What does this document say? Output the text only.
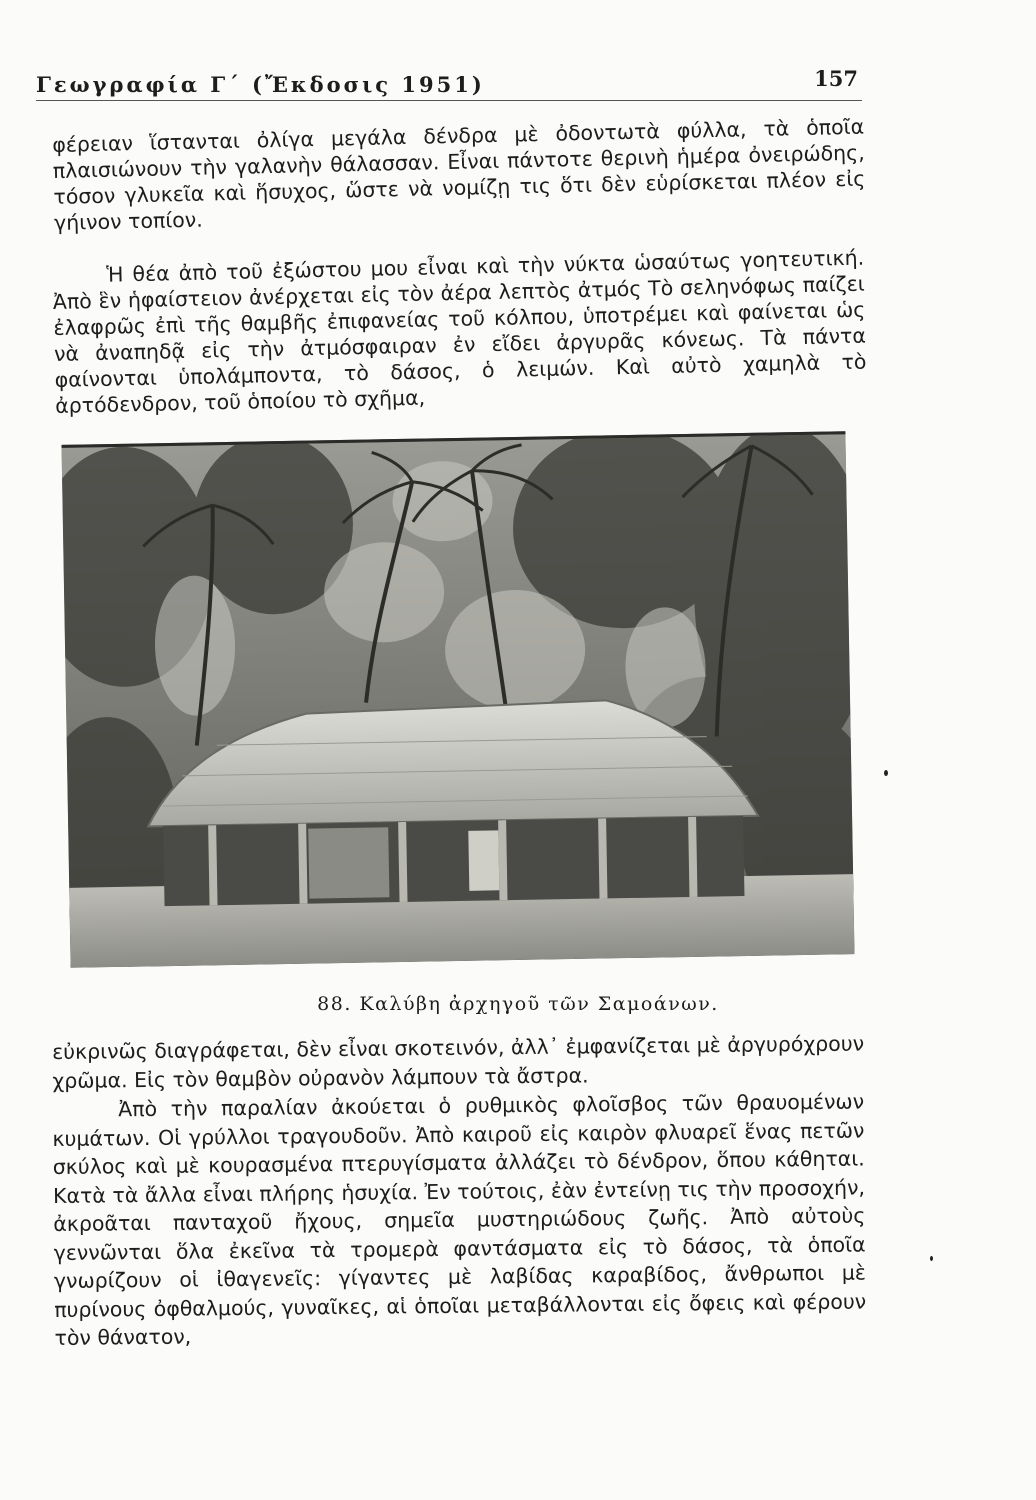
Γεωγραφία Γ΄ (Ἔκδοσις 1951)	157
φέρειαν ἵστανται ὀλίγα μεγάλα δένδρα μὲ ὀδοντωτὰ φύλλα, τὰ ὁποῖα πλαισιώνουν τὴν γαλανὴν θάλασσαν. Εἶναι πάντοτε θερινὴ ἡμέρα ὀνειρώδης, τόσον γλυκεῖα καὶ ἥσυχος, ὥστε νὰ νομίζῃ τις ὅτι δὲν εὑρίσκεται πλέον εἰς γήινον τοπίον.
Ἡ θέα ἀπὸ τοῦ ἐξώστου μου εἶναι καὶ τὴν νύκτα ὡσαύτως γοητευτική. Ἀπὸ ἓν ἡφαίστειον ἀνέρχεται εἰς τὸν ἀέρα λεπτὸς ἀτμός Τὸ σεληνόφως παίζει ἐλαφρῶς ἐπὶ τῆς θαμβῆς ἐπιφανείας τοῦ κόλπου, ὑποτρέμει καὶ φαίνεται ὡς νὰ ἀναπηδᾷ εἰς τὴν ἀτμόσφαιραν ἐν εἴδει ἀργυρᾶς κόνεως. Τὰ πάντα φαίνονται ὑπολάμποντα, τὸ δάσος, ὁ λειμών. Καὶ αὐτὸ χαμηλὰ τὸ ἀρτόδενδρον, τοῦ ὁποίου τὸ σχῆμα,
88. Καλύβη ἀρχηγοῦ τῶν Σαμοάνων.
εὐκρινῶς διαγράφεται, δὲν εἶναι σκοτεινόν, ἀλλ᾽ ἐμφανίζεται μὲ ἀργυρόχρουν χρῶμα. Εἰς τὸν θαμβὸν οὐρανὸν λάμπουν τὰ ἄστρα.
Ἀπὸ τὴν παραλίαν ἀκούεται ὁ ρυθμικὸς φλοῖσβος τῶν θραυομένων κυμάτων. Οἱ γρύλλοι τραγουδοῦν. Ἀπὸ καιροῦ εἰς καιρὸν φλυαρεῖ ἕνας πετῶν σκύλος καὶ μὲ κουρασμένα πτερυγίσματα ἀλλάζει τὸ δένδρον, ὅπου κάθηται. Κατὰ τὰ ἄλλα εἶναι πλήρης ἡσυχία. Ἐν τούτοις, ἐὰν ἐντείνῃ τις τὴν προσοχήν, ἀκροᾶται πανταχοῦ ἤχους, σημεῖα μυστηριώδους ζωῆς. Ἀπὸ αὐτοὺς γεννῶνται ὅλα ἐκεῖνα τὰ τρομερὰ φαντάσματα εἰς τὸ δάσος, τὰ ὁποῖα γνωρίζουν οἱ ἰθαγενεῖς: γίγαντες μὲ λαβίδας καραβίδος, ἄνθρωποι μὲ πυρίνους ὀφθαλμούς, γυναῖκες, αἱ ὁποῖαι μεταβάλλονται εἰς ὄφεις καὶ φέρουν τὸν θάνατον,
